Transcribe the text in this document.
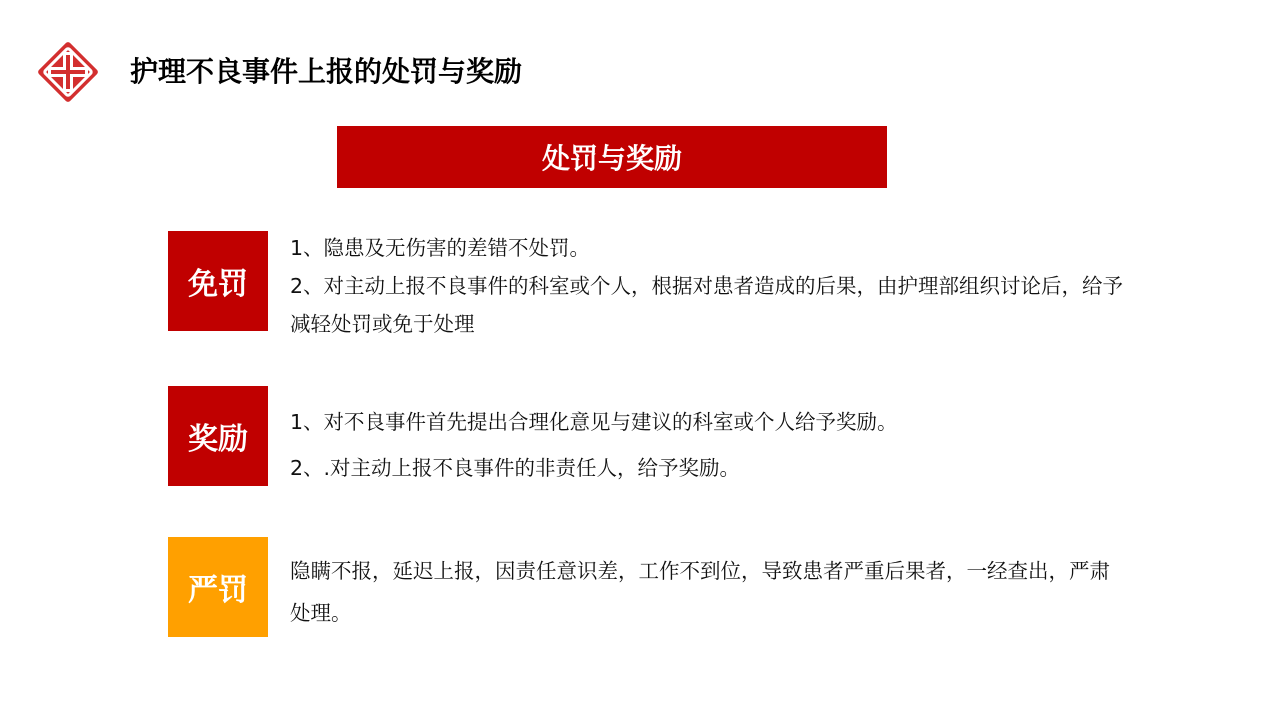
护理不良事件上报的处罚与奖励
处罚与奖励
免罚

1、隐患及无伤害的差错不处罚。

2、对主动上报不良事件的科室或个人，根据对患者造成的后果，由护理部组织讨论后，给予减轻处罚或免于处理

奖励	1、对不良事件首先提出合理化意见与建议的科室或个人给予奖励。

2、.对主动上报不良事件的非责任人，给予奖励。

严罚

隐瞒不报，延迟上报，因责任意识差，工作不到位，导致患者严重后果者，一经查出，严肃处理。
